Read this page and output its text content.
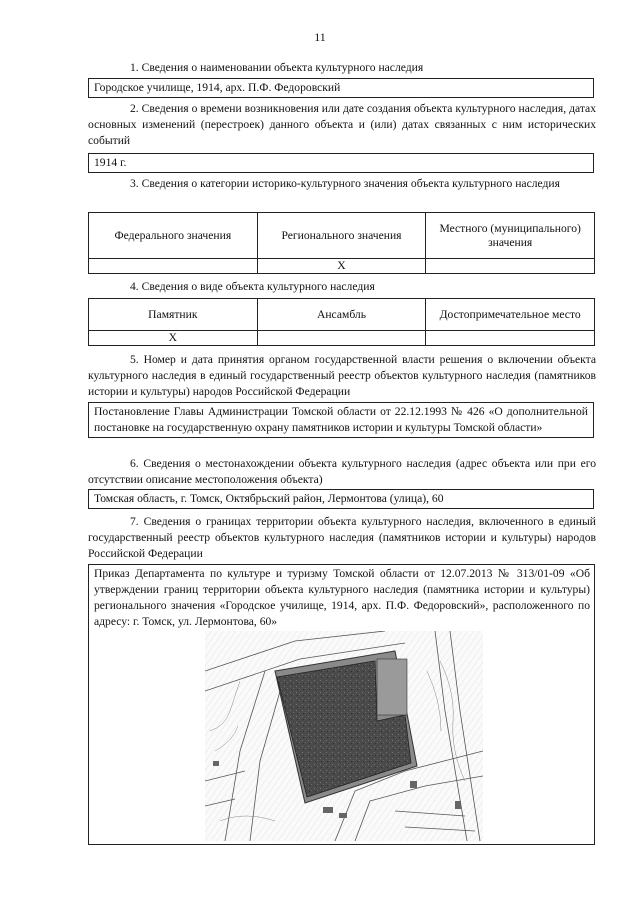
11
1. Сведения о наименовании объекта культурного наследия
Городское училище, 1914, арх. П.Ф. Федоровский
2. Сведения о времени возникновения или дате создания объекта культурного наследия, датах основных изменений (перестроек) данного объекта и (или) датах связанных с ним исторических событий
1914 г.
3. Сведения о категории историко-культурного значения объекта культурного наследия
Федерального значения	Регионального значения	Местного (муниципального) значения
	Х	
4. Сведения о виде объекта культурного наследия
Памятник	Ансамбль	Достопримечательное место
Х		
5. Номер и дата принятия органом государственной власти решения о включении объекта культурного наследия в единый государственный реестр объектов культурного наследия (памятников истории и культуры) народов Российской Федерации
Постановление Главы Администрации Томской области от 22.12.1993 № 426 «О дополнительной постановке на государственную охрану памятников истории и культуры Томской области»
6. Сведения о местонахождении объекта культурного наследия (адрес объекта или при его отсутствии описание местоположения объекта)
Томская область, г. Томск, Октябрьский район, Лермонтова (улица), 60
7. Сведения о границах территории объекта культурного наследия, включенного в единый государственный реестр объектов культурного наследия (памятников истории и культуры) народов Российской Федерации
Приказ Департамента по культуре и туризму Томской области от 12.07.2013 № 313/01-09 «Об утверждении границ территории объекта культурного наследия (памятника истории и культуры) регионального значения «Городское училище, 1914, арх. П.Ф. Федоровский», расположенного по адресу: г. Томск, ул. Лермонтова, 60»
